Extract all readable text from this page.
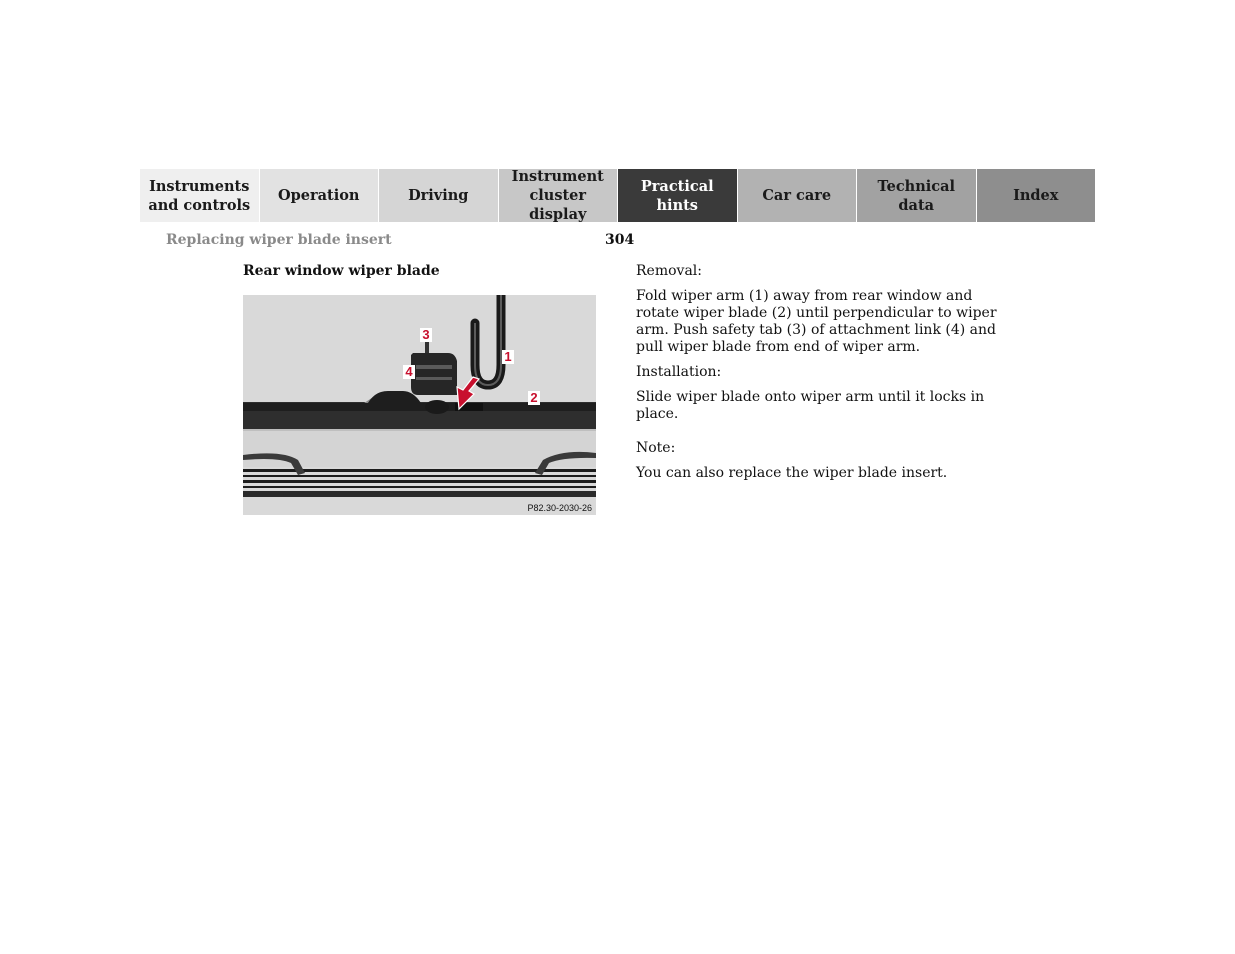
Instruments
and controls
Operation	Driving
Instrument
cluster display
Practical hints
Car care
Technical
data
Index
Replacing wiper blade insert	304
Rear window wiper blade
3
1
4
2
P82.30-2030-26

Removal:

Fold wiper arm (1) away from rear window and rotate wiper blade (2) until perpendicular to wiper arm. Push safety tab (3) of attachment link (4) and pull wiper blade from end of wiper arm.

Installation:

Slide wiper blade onto wiper arm until it locks in place.

Note:

You can also replace the wiper blade insert.
